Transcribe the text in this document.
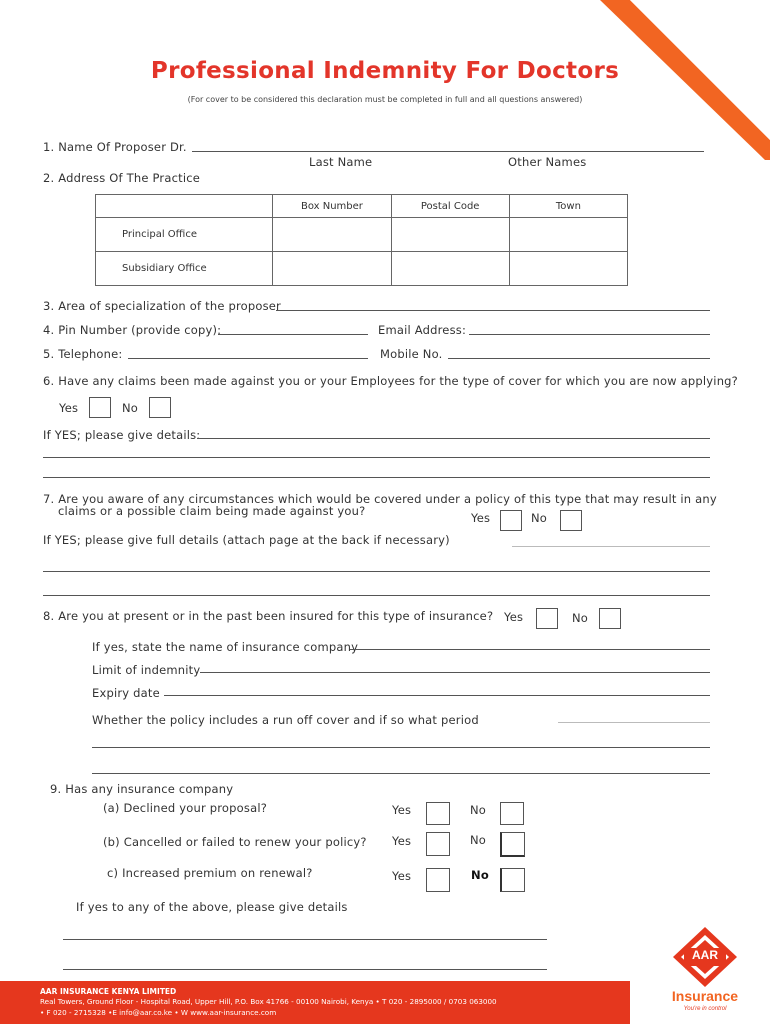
Professional Indemnity For Doctors
(For cover to be considered this declaration must be completed in full and all questions answered)
1. Name Of Proposer Dr.
Last Name	Other Names
2. Address Of The Practice
	Box Number	Postal Code	Town
Principal Office			
Subsidiary Office			
3. Area of specialization of the proposer
4. Pin Number (provide copy):	Email Address:
5. Telephone:	Mobile No.
6. Have any claims been made against you or your Employees for the type of cover for which you are now applying?
Yes	No
If YES; please give details:
7. Are you aware of any circumstances which would be covered under a policy of this type that may result in any
claims or a possible claim being made against you?	Yes	No
If YES; please give full details (attach page at the back if necessary)
8. Are you at present or in the past been insured for this type of insurance? Yes	No
If yes, state the name of insurance company
Limit of indemnity
Expiry date
Whether the policy includes a run off cover and if so what period
9. Has any insurance company
(a) Declined your proposal?	Yes	No
(b) Cancelled or failed to renew your policy? Yes	No
c) Increased premium on renewal?	Yes	No
If yes to any of the above, please give details
AAR INSURANCE KENYA LIMITED
Real Towers, Ground Floor - Hospital Road, Upper Hill, P.O. Box 41766 - 00100 Nairobi, Kenya • T 020 - 2895000 / 0703 063000
• F 020 - 2715328 •E info@aar.co.ke • W www.aar-insurance.com
AAR
Insurance
You're in control
